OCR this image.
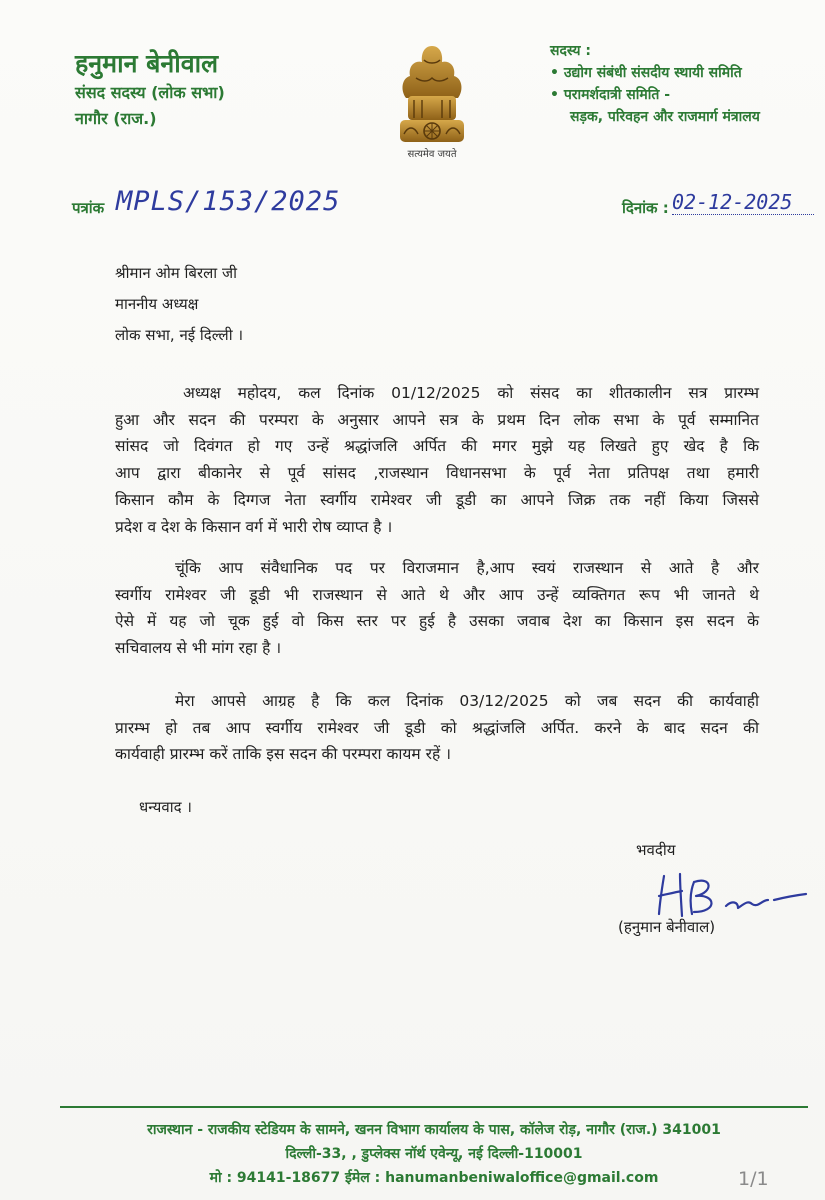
हनुमान बेनीवाल
संसद सदस्य (लोक सभा)
नागौर (राज.)
सत्यमेव जयते
सदस्य :
• उद्योग संबंधी संसदीय स्थायी समिति
• परामर्शदात्री समिति -
सड़क, परिवहन और राजमार्ग मंत्रालय
पत्रांक MPLS/153/2025	दिनांक : 02-12-2025
श्रीमान ओम बिरला जी
माननीय अध्यक्ष
लोक सभा, नई दिल्ली ।
अध्यक्ष महोदय, कल दिनांक 01/12/2025 को संसद का शीतकालीन सत्र प्रारम्भ
हुआ और सदन की परम्परा के अनुसार आपने सत्र के प्रथम दिन लोक सभा के पूर्व सम्मानित
सांसद जो दिवंगत हो गए उन्हें श्रद्धांजलि अर्पित की मगर मुझे यह लिखते हुए खेद है कि
आप द्वारा बीकानेर से पूर्व सांसद ,राजस्थान विधानसभा के पूर्व नेता प्रतिपक्ष तथा हमारी
किसान कौम के दिग्गज नेता स्वर्गीय रामेश्वर जी डूडी का आपने जिक्र तक नहीं किया जिससे
प्रदेश व देश के किसान वर्ग में भारी रोष व्याप्त है ।
चूंकि आप संवैधानिक पद पर विराजमान है,आप स्वयं राजस्थान से आते है और
स्वर्गीय रामेश्वर जी डूडी भी राजस्थान से आते थे और आप उन्हें व्यक्तिगत रूप भी जानते थे
ऐसे में यह जो चूक हुई वो किस स्तर पर हुई है उसका जवाब देश का किसान इस सदन के
सचिवालय से भी मांग रहा है ।
मेरा आपसे आग्रह है कि कल दिनांक 03/12/2025 को जब सदन की कार्यवाही
प्रारम्भ हो तब आप स्वर्गीय रामेश्वर जी डूडी को श्रद्धांजलि अर्पित. करने के बाद सदन की
कार्यवाही प्रारम्भ करें ताकि इस सदन की परम्परा कायम रहें ।
धन्यवाद ।
भवदीय
(हनुमान बेनीवाल)
राजस्थान - राजकीय स्टेडियम के सामने, खनन विभाग कार्यालय के पास, कॉलेज रोड़, नागौर (राज.) 341001
दिल्ली-33, , डुप्लेक्स नॉर्थ एवेन्यू, नई दिल्ली-110001
मो : 94141-18677 ईमेल : hanumanbeniwaloffice@gmail.com	1/1
